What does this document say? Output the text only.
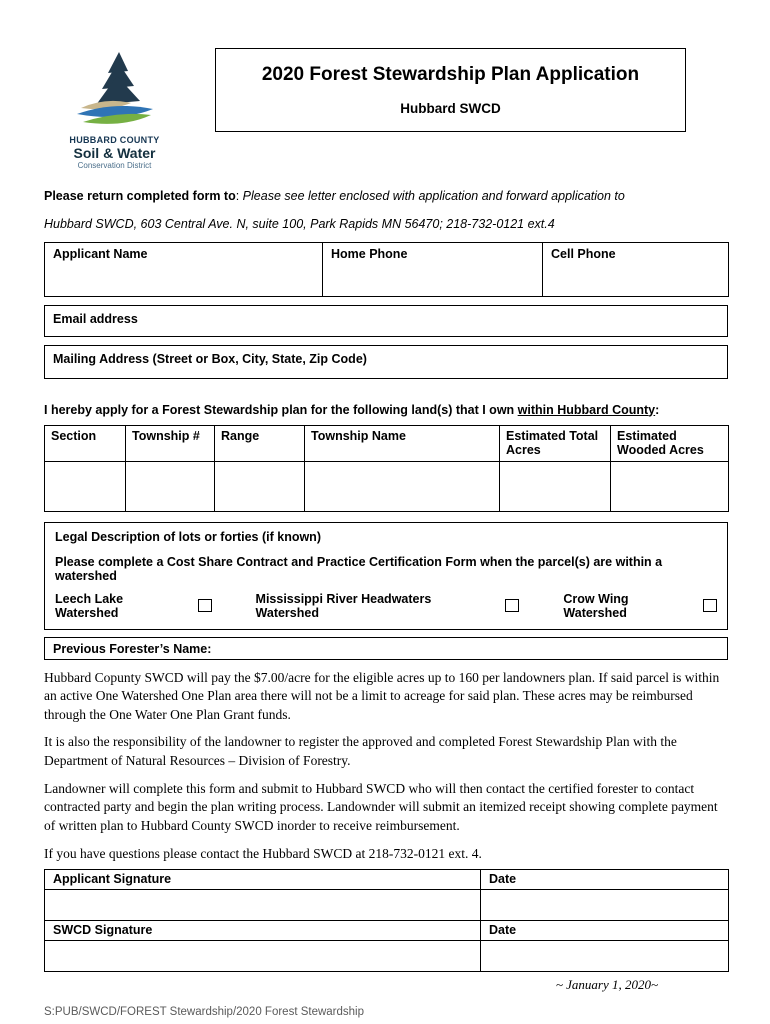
HUBBARD COUNTY
Soil & Water
Conservation District
2020 Forest Stewardship Plan Application
Hubbard SWCD
Please return completed form to: Please see letter enclosed with application and forward application to
Hubbard SWCD, 603 Central Ave. N, suite 100, Park Rapids MN 56470; 218-732-0121 ext.4
Applicant Name	Home Phone	Cell Phone
Email address
Mailing Address (Street or Box, City, State, Zip Code)
I hereby apply for a Forest Stewardship plan for the following land(s) that I own within Hubbard County:
Section	Township #	Range	Township Name	Estimated Total Acres	Estimated Wooded Acres

Legal Description of lots or forties (if known)
Please complete a Cost Share Contract and Practice Certification Form when the parcel(s) are within a watershed
Leech Lake Watershed
Mississippi River Headwaters Watershed
Crow Wing Watershed
Previous Forester’s Name:

Hubbard Copunty SWCD will pay the $7.00/acre for the eligible acres up to 160 per landowners plan. If said parcel is within an active One Watershed One Plan area there will not be a limit to acreage for said plan. These acres may be reimbursed through the One Water One Plan Grant funds.

It is also the responsibility of the landowner to register the approved and completed Forest Stewardship Plan with the Department of Natural Resources – Division of Forestry.

Landowner will complete this form and submit to Hubbard SWCD who will then contact the certified forester to contact contracted party and begin the plan writing process. Landownder will submit an itemized receipt showing complete payment of written plan to Hubbard County SWCD inorder to receive reimbursement.

If you have questions please contact the Hubbard SWCD at 218-732-0121 ext. 4.

Applicant Signature	Date

SWCD Signature	Date

~ January 1, 2020~
S:PUB/SWCD/FOREST Stewardship/2020 Forest Stewardship
